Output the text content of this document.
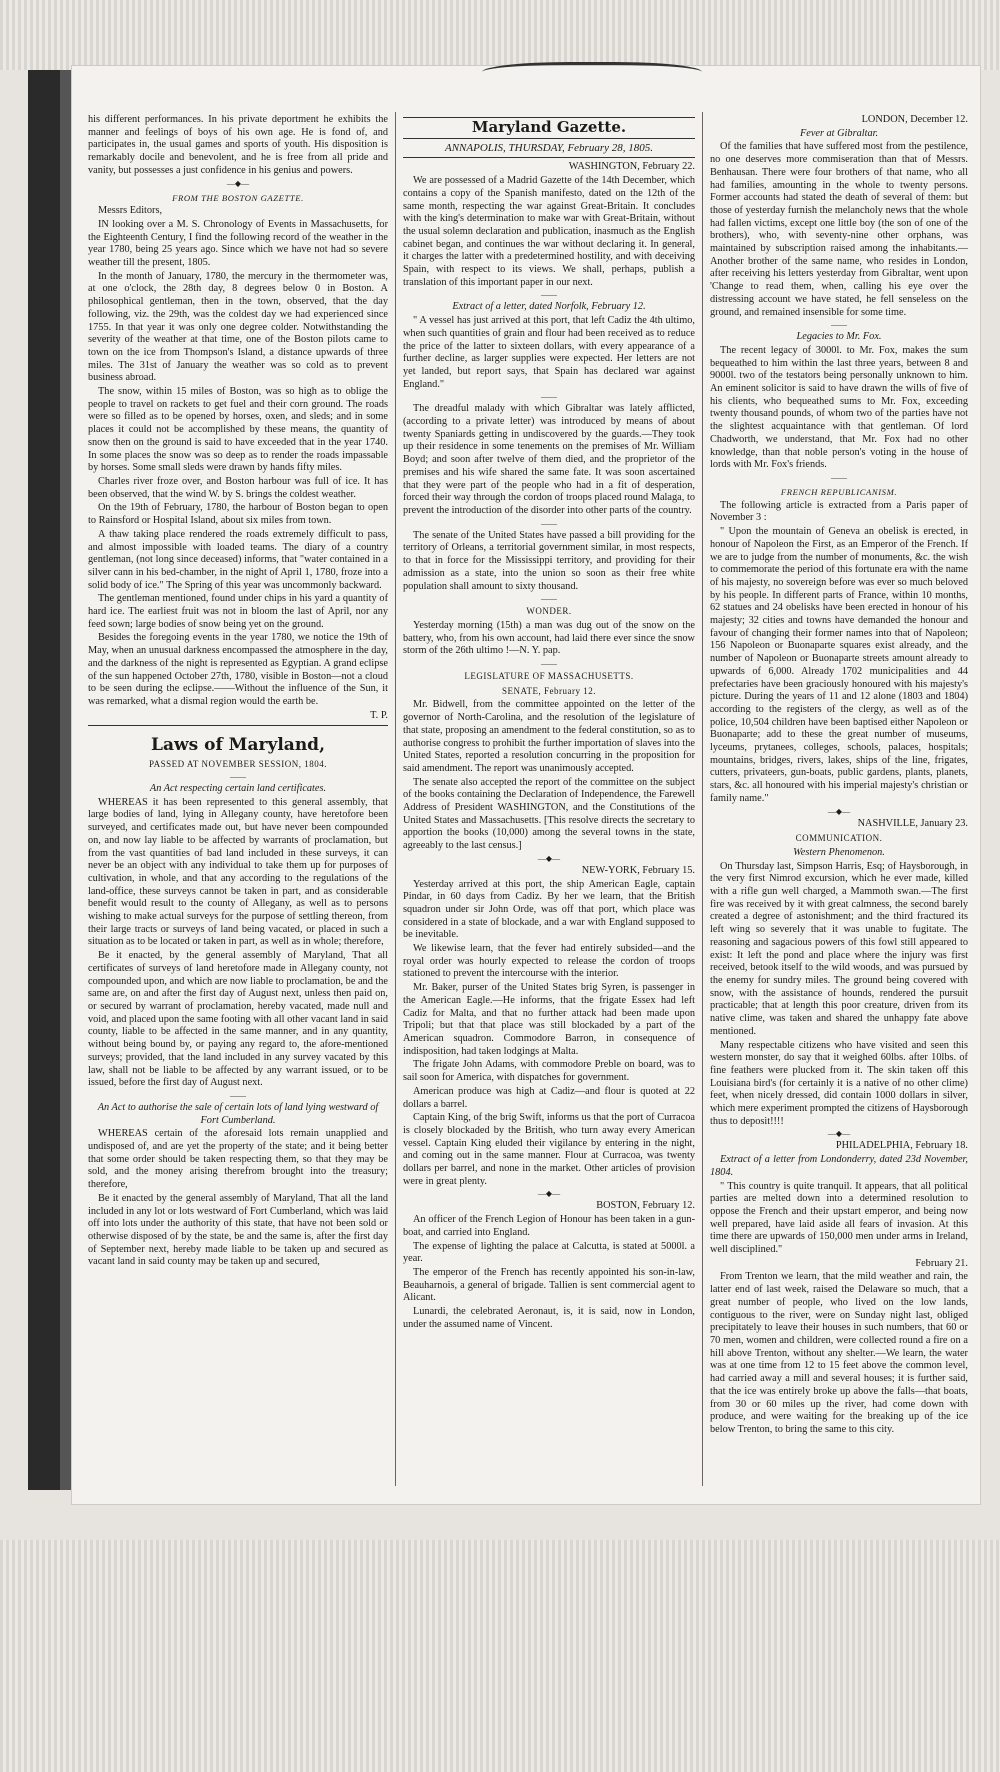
his different performances. In his private deportment he exhibits the manner and feelings of boys of his own age. He is fond of, and participates in, the usual games and sports of youth. His disposition is remarkably docile and benevolent, and he is free from all pride and vanity, but possesses a just confidence in his genius and powers.

—◆—

FROM THE BOSTON GAZETTE.

Messrs Editors,

IN looking over a M. S. Chronology of Events in Massachusetts, for the Eighteenth Century, I find the following record of the weather in the year 1780, being 25 years ago. Since which we have not had so severe weather till the present, 1805.

In the month of January, 1780, the mercury in the thermometer was, at one o'clock, the 28th day, 8 degrees below 0 in Boston. A philosophical gentleman, then in the town, observed, that the day following, viz. the 29th, was the coldest day we had experienced since 1755. In that year it was only one degree colder. Notwithstanding the severity of the weather at that time, one of the Boston pilots came to town on the ice from Thompson's Island, a distance upwards of three miles. The 31st of January the weather was so cold as to prevent business abroad.

The snow, within 15 miles of Boston, was so high as to oblige the people to travel on rackets to get fuel and their corn ground. The roads were so filled as to be opened by horses, oxen, and sleds; and in some places it could not be accomplished by these means, the quantity of snow then on the ground is said to have exceeded that in the year 1740. In some places the snow was so deep as to render the roads impassable by horses. Some small sleds were drawn by hands fifty miles.

Charles river froze over, and Boston harbour was full of ice. It has been observed, that the wind W. by S. brings the coldest weather.

On the 19th of February, 1780, the harbour of Boston began to open to Rainsford or Hospital Island, about six miles from town.

A thaw taking place rendered the roads extremely difficult to pass, and almost impossible with loaded teams. The diary of a country gentleman, (not long since deceased) informs, that "water contained in a silver cann in his bed-chamber, in the night of April 1, 1780, froze into a solid body of ice." The Spring of this year was uncommonly backward.

The gentleman mentioned, found under chips in his yard a quantity of hard ice. The earliest fruit was not in bloom the last of April, nor any feed sown; large bodies of snow being yet on the ground.

Besides the foregoing events in the year 1780, we notice the 19th of May, when an unusual darkness encompassed the atmosphere in the day, and the darkness of the night is represented as Egyptian. A grand eclipse of the sun happened October 27th, 1780, visible in Boston—not a cloud to be seen during the eclipse.——Without the influence of the Sun, it was remarked, what a dismal region would the earth be.

T. P.

Laws of Maryland,

PASSED AT NOVEMBER SESSION, 1804.

——

An Act respecting certain land certificates.

WHEREAS it has been represented to this general assembly, that large bodies of land, lying in Allegany county, have heretofore been surveyed, and certificates made out, but have never been compounded on, and now lay liable to be affected by warrants of proclamation, but from the vast quantities of bad land included in these surveys, it can never be an object with any individual to take them up for purposes of cultivation, in whole, and that any according to the regulations of the land-office, these surveys cannot be taken in part, and as considerable benefit would result to the county of Allegany, as well as to persons wishing to make actual surveys for the purpose of settling thereon, from their large tracts or surveys of land being vacated, or placed in such a situation as to be located or taken in part, as well as in whole; therefore,

Be it enacted, by the general assembly of Maryland, That all certificates of surveys of land heretofore made in Allegany county, not compounded upon, and which are now liable to proclamation, be and the same are, on and after the first day of August next, unless then paid on, or secured by warrant of proclamation, hereby vacated, made null and void, and placed upon the same footing with all other vacant land in said county, liable to be affected in the same manner, and in any quantity, without being bound by, or paying any regard to, the afore-mentioned surveys; provided, that the land included in any survey vacated by this law, shall not be liable to be affected by any warrant issued, or to be issued, before the first day of August next.

——

An Act to authorise the sale of certain lots of land lying westward of Fort Cumberland.

WHEREAS certain of the aforesaid lots remain unapplied and undisposed of, and are yet the property of the state; and it being better that some order should be taken respecting them, so that they may be sold, and the money arising therefrom brought into the treasury; therefore,

Be it enacted by the general assembly of Maryland, That all the land included in any lot or lots westward of Fort Cumberland, which was laid off into lots under the authority of this state, that have not been sold or otherwise disposed of by the state, be and the same is, after the first day of September next, hereby made liable to be taken up and secured as vacant land in said county may be taken up and secured,

Maryland Gazette.

ANNAPOLIS, THURSDAY, February 28, 1805.

WASHINGTON, February 22.

We are possessed of a Madrid Gazette of the 14th December, which contains a copy of the Spanish manifesto, dated on the 12th of the same month, respecting the war against Great-Britain. It concludes with the king's determination to make war with Great-Britain, without the usual solemn declaration and publication, inasmuch as the English cabinet began, and continues the war without declaring it. In general, it charges the latter with a predetermined hostility, and with deceiving Spain, with respect to its views. We shall, perhaps, publish a translation of this important paper in our next.

——

Extract of a letter, dated Norfolk, February 12.

" A vessel has just arrived at this port, that left Cadiz the 4th ultimo, when such quantities of grain and flour had been received as to reduce the price of the latter to sixteen dollars, with every appearance of a further decline, as larger supplies were expected. Her letters are not yet landed, but report says, that Spain has declared war against England."

——

The dreadful malady with which Gibraltar was lately afflicted, (according to a private letter) was introduced by means of about twenty Spaniards getting in undiscovered by the guards.—They took up their residence in some tenements on the premises of Mr. William Boyd; and soon after twelve of them died, and the proprietor of the premises and his wife shared the same fate. It was soon ascertained that they were part of the people who had in a fit of desperation, forced their way through the cordon of troops placed round Malaga, to prevent the introduction of the disorder into other parts of the country.

——

The senate of the United States have passed a bill providing for the territory of Orleans, a territorial government similar, in most respects, to that in force for the Mississippi territory, and providing for their admission as a state, into the union so soon as their free white population shall amount to sixty thousand.

——

WONDER.

Yesterday morning (15th) a man was dug out of the snow on the battery, who, from his own account, had laid there ever since the snow storm of the 26th ultimo !—N. Y. pap.

——

LEGISLATURE OF MASSACHUSETTS.

SENATE, February 12.

Mr. Bidwell, from the committee appointed on the letter of the governor of North-Carolina, and the resolution of the legislature of that state, proposing an amendment to the federal constitution, so as to authorise congress to prohibit the further importation of slaves into the United States, reported a resolution concurring in the proposition for said amendment. The report was unanimously accepted.

The senate also accepted the report of the committee on the subject of the books containing the Declaration of Independence, the Farewell Address of President WASHINGTON, and the Constitutions of the United States and Massachusetts. [This resolve directs the secretary to apportion the books (10,000) among the several towns in the state, agreeably to the last census.]

—◆—

NEW-YORK, February 15.

Yesterday arrived at this port, the ship American Eagle, captain Pindar, in 60 days from Cadiz. By her we learn, that the British squadron under sir John Orde, was off that port, which place was considered in a state of blockade, and a war with England supposed to be inevitable.

We likewise learn, that the fever had entirely subsided—and the royal order was hourly expected to release the cordon of troops stationed to prevent the intercourse with the interior.

Mr. Baker, purser of the United States brig Syren, is passenger in the American Eagle.—He informs, that the frigate Essex had left Cadiz for Malta, and that no further attack had been made upon Tripoli; but that that place was still blockaded by a part of the American squadron. Commodore Barron, in consequence of indisposition, had taken lodgings at Malta.

The frigate John Adams, with commodore Preble on board, was to sail soon for America, with dispatches for government.

American produce was high at Cadiz—and flour is quoted at 22 dollars a barrel.

Captain King, of the brig Swift, informs us that the port of Curracoa is closely blockaded by the British, who turn away every American vessel. Captain King eluded their vigilance by entering in the night, and coming out in the same manner. Flour at Curracoa, was twenty dollars per barrel, and none in the market. Other articles of provision were in great plenty.

—◆—

BOSTON, February 12.

An officer of the French Legion of Honour has been taken in a gun-boat, and carried into England.

The expense of lighting the palace at Calcutta, is stated at 5000l. a year.

The emperor of the French has recently appointed his son-in-law, Beauharnois, a general of brigade. Tallien is sent commercial agent to Alicant.

Lunardi, the celebrated Aeronaut, is, it is said, now in London, under the assumed name of Vincent.

LONDON, December 12.

Fever at Gibraltar.

Of the families that have suffered most from the pestilence, no one deserves more commiseration than that of Messrs. Benhausan. There were four brothers of that name, who all had families, amounting in the whole to twenty persons. Former accounts had stated the death of several of them: but those of yesterday furnish the melancholy news that the whole had fallen victims, except one little boy (the son of one of the brothers), who, with seventy-nine other orphans, was maintained by subscription raised among the inhabitants.—Another brother of the same name, who resides in London, after receiving his letters yesterday from Gibraltar, went upon 'Change to read them, when, calling his eye over the distressing account we have stated, he fell senseless on the ground, and remained insensible for some time.

——

Legacies to Mr. Fox.

The recent legacy of 3000l. to Mr. Fox, makes the sum bequeathed to him within the last three years, between 8 and 9000l. two of the testators being personally unknown to him. An eminent solicitor is said to have drawn the wills of five of his clients, who bequeathed sums to Mr. Fox, exceeding twenty thousand pounds, of whom two of the parties have not the slightest acquaintance with that gentleman. Of lord Chadworth, we understand, that Mr. Fox had no other knowledge, than that noble person's voting in the house of lords with Mr. Fox's friends.

——

FRENCH REPUBLICANISM.

The following article is extracted from a Paris paper of November 3 :

" Upon the mountain of Geneva an obelisk is erected, in honour of Napoleon the First, as an Emperor of the French. If we are to judge from the number of monuments, &c. the wish to commemorate the period of this fortunate era with the name of his majesty, no sovereign before was ever so much beloved by his people. In different parts of France, within 10 months, 62 statues and 24 obelisks have been erected in honour of his majesty; 32 cities and towns have demanded the honour and favour of changing their former names into that of Napoleon; 156 Napoleon or Buonaparte squares exist already, and the number of Napoleon or Buonaparte streets amount already to upwards of 6,000. Already 1702 municipalities and 44 prefectaries have been graciously honoured with his majesty's picture. During the years of 11 and 12 alone (1803 and 1804) according to the registers of the clergy, as well as of the police, 10,504 children have been baptised either Napoleon or Buonaparte; add to these the great number of museums, lyceums, prytanees, colleges, schools, palaces, hospitals; mountains, bridges, rivers, lakes, ships of the line, frigates, cutters, privateers, gun-boats, public gardens, plants, planets, stars, &c. all honoured with his imperial majesty's christian or family name."

—◆—

NASHVILLE, January 23.

COMMUNICATION.

Western Phenomenon.

On Thursday last, Simpson Harris, Esq; of Haysborough, in the very first Nimrod excursion, which he ever made, killed with a rifle gun well charged, a Mammoth swan.—The first fire was received by it with great calmness, the second barely created a degree of astonishment; and the third fractured its left wing so severely that it was unable to fugitate. The reasoning and sagacious powers of this fowl still appeared to exist: It left the pond and place where the injury was first received, betook itself to the wild woods, and was pursued by the enemy for sundry miles. The ground being covered with snow, with the assistance of hounds, rendered the pursuit practicable; that at length this poor creature, driven from its native clime, was taken and shared the unhappy fate above mentioned.

Many respectable citizens who have visited and seen this western monster, do say that it weighed 60lbs. after 10lbs. of fine feathers were plucked from it. The skin taken off this Louisiana bird's (for certainly it is a native of no other clime) feet, when nicely dressed, did contain 1000 dollars in silver, which mere experiment prompted the citizens of Haysborough thus to deposit!!!!

—◆—

PHILADELPHIA, February 18.

Extract of a letter from Londonderry, dated 23d November, 1804.

" This country is quite tranquil. It appears, that all political parties are melted down into a determined resolution to oppose the French and their upstart emperor, and being now well prepared, have laid aside all fears of invasion. At this time there are upwards of 150,000 men under arms in Ireland, well disciplined."

February 21.

From Trenton we learn, that the mild weather and rain, the latter end of last week, raised the Delaware so much, that a great number of people, who lived on the low lands, contiguous to the river, were on Sunday night last, obliged precipitately to leave their houses in such numbers, that 60 or 70 men, women and children, were collected round a fire on a hill above Trenton, without any shelter.—We learn, the water was at one time from 12 to 15 feet above the common level, had carried away a mill and several houses; it is further said, that the ice was entirely broke up above the falls—that boats, from 30 or 60 miles up the river, had come down with produce, and were waiting for the breaking up of the ice below Trenton, to bring the same to this city.
